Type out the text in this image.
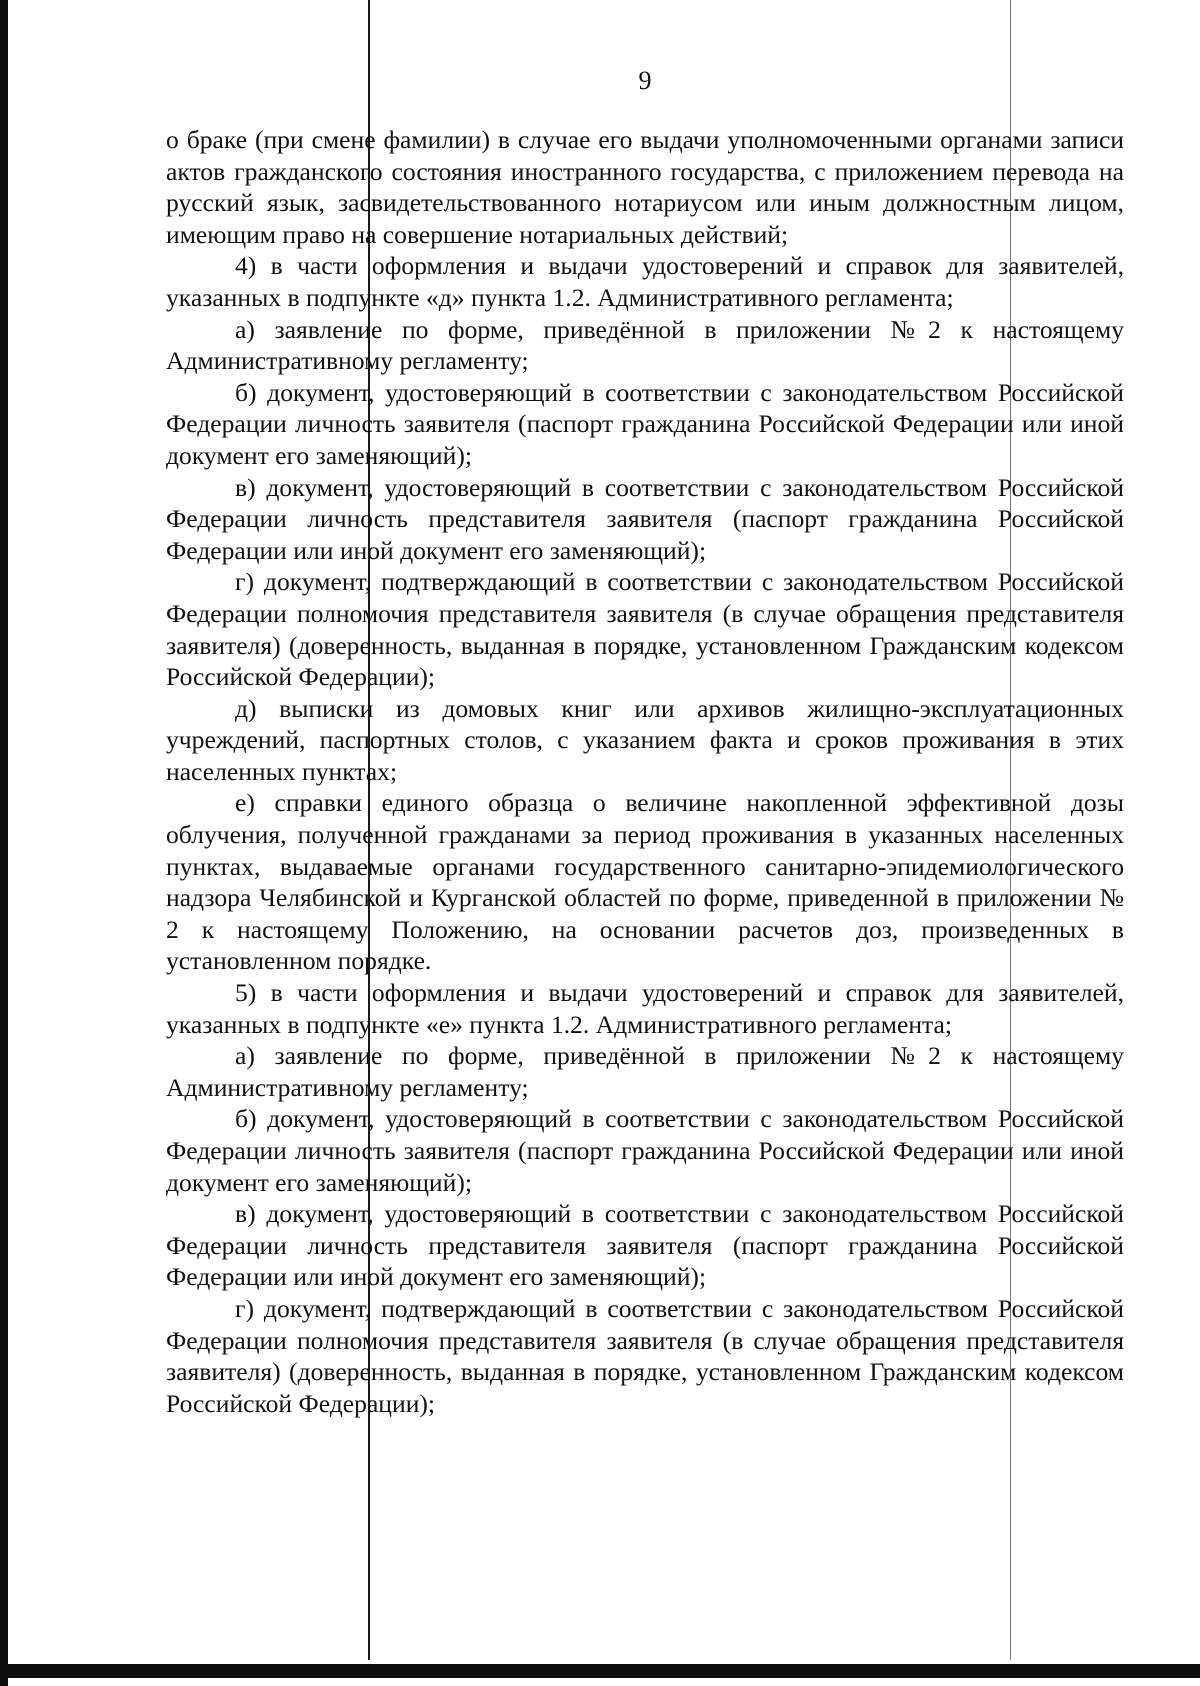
9

о браке (при смене фамилии) в случае его выдачи уполномоченными органами записи актов гражданского состояния иностранного государства, с приложением перевода на русский язык, засвидетельствованного нотариусом или иным должностным лицом, имеющим право на совершение нотариальных действий;

4) в части оформления и выдачи удостоверений и справок для заявителей, указанных в подпункте «д» пункта 1.2. Административного регламента;

а) заявление по форме, приведённой в приложении №2 к настоящему Административному регламенту;

б) документ, удостоверяющий в соответствии с законодательством Российской Федерации личность заявителя (паспорт гражданина Российской Федерации или иной документ его заменяющий);

в) документ, удостоверяющий в соответствии с законодательством Российской Федерации личность представителя заявителя (паспорт гражданина Российской Федерации или иной документ его заменяющий);

г) документ, подтверждающий в соответствии с законодательством Российской Федерации полномочия представителя заявителя (в случае обращения представителя заявителя) (доверенность, выданная в порядке, установленном Гражданским кодексом Российской Федерации);

д) выписки из домовых книг или архивов жилищно-эксплуатационных учреждений, паспортных столов, с указанием факта и сроков проживания в этих населенных пунктах;

е) справки единого образца о величине накопленной эффективной дозы облучения, полученной гражданами за период проживания в указанных населенных пунктах, выдаваемые органами государственного санитарно-эпидемиологического надзора Челябинской и Курганской областей по форме, приведенной в приложении № 2 к настоящему Положению, на основании расчетов доз, произведенных в установленном порядке.

5) в части оформления и выдачи удостоверений и справок для заявителей, указанных в подпункте «е» пункта 1.2. Административного регламента;

а) заявление по форме, приведённой в приложении №2 к настоящему Административному регламенту;

б) документ, удостоверяющий в соответствии с законодательством Российской Федерации личность заявителя (паспорт гражданина Российской Федерации или иной документ его заменяющий);

в) документ, удостоверяющий в соответствии с законодательством Российской Федерации личность представителя заявителя (паспорт гражданина Российской Федерации или иной документ его заменяющий);

г) документ, подтверждающий в соответствии с законодательством Российской Федерации полномочия представителя заявителя (в случае обращения представителя заявителя) (доверенность, выданная в порядке, установленном Гражданским кодексом Российской Федерации);
